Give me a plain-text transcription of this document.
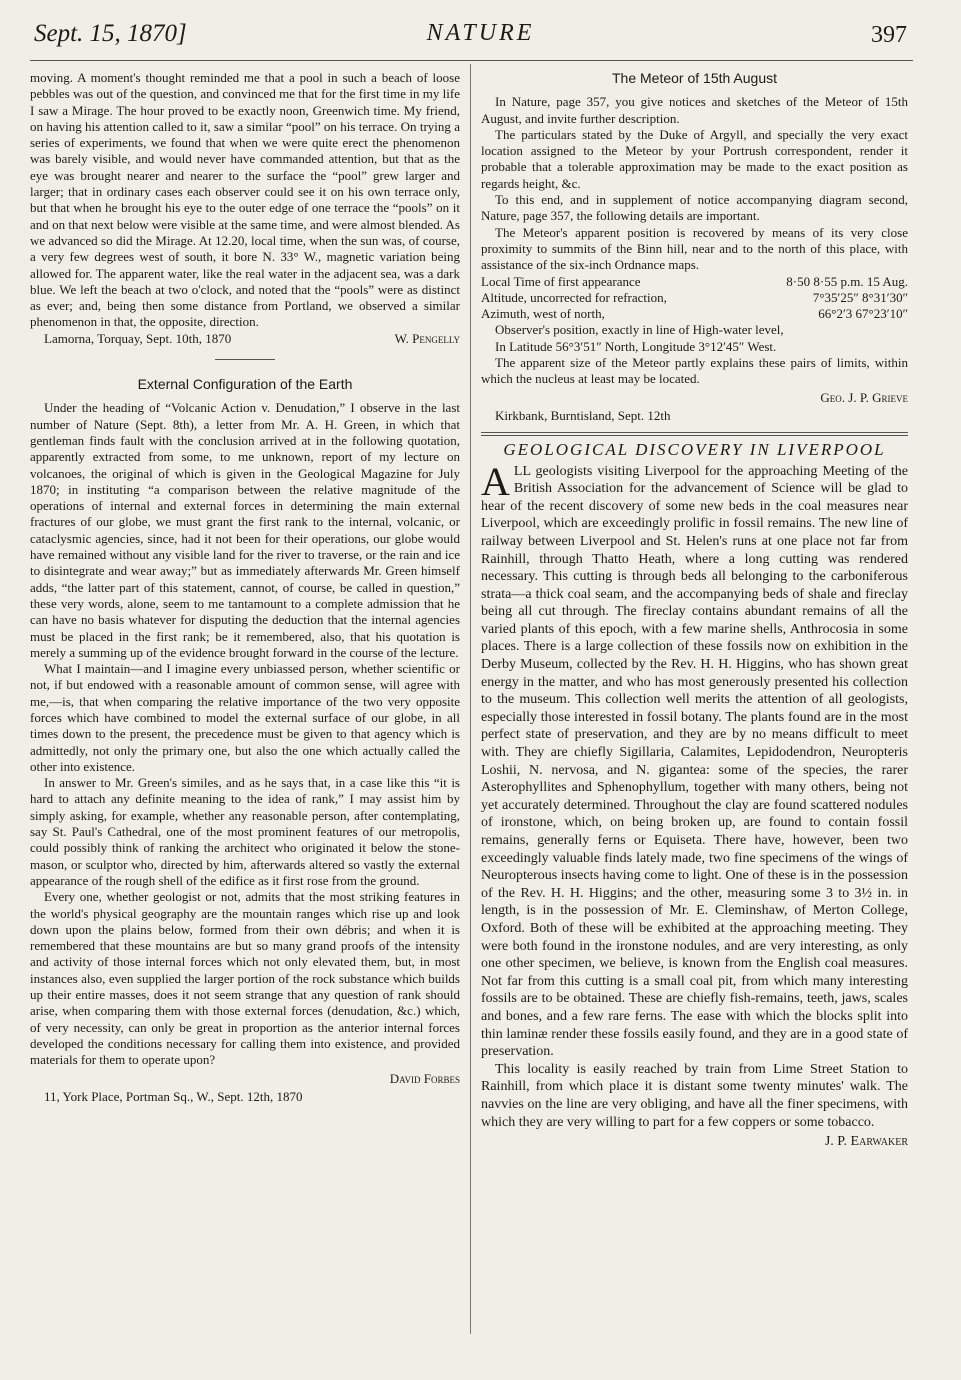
Sept. 15, 1870]	NATURE	397

moving. A moment's thought reminded me that a pool in such a beach of loose pebbles was out of the question, and convinced me that for the first time in my life I saw a Mirage. The hour proved to be exactly noon, Greenwich time. My friend, on having his attention called to it, saw a similar “pool” on his terrace. On trying a series of experiments, we found that when we were quite erect the phenomenon was barely visible, and would never have commanded attention, but that as the eye was brought nearer and nearer to the surface the “pool” grew larger and larger; that in ordinary cases each observer could see it on his own terrace only, but that when he brought his eye to the outer edge of one terrace the “pools” on it and on that next below were visible at the same time, and were almost blended. As we advanced so did the Mirage. At 12.20, local time, when the sun was, of course, a very few degrees west of south, it bore N. 33° W., magnetic variation being allowed for. The apparent water, like the real water in the adjacent sea, was a dark blue. We left the beach at two o'clock, and noted that the “pools” were as distinct as ever; and, being then some distance from Portland, we observed a similar phenomenon in that, the opposite, direction.

Lamorna, Torquay, Sept. 10th, 1870	W. Pengelly
External Configuration of the Earth

Under the heading of “Volcanic Action v. Denudation,” I observe in the last number of Nature (Sept. 8th), a letter from Mr. A. H. Green, in which that gentleman finds fault with the conclusion arrived at in the following quotation, apparently extracted from some, to me unknown, report of my lecture on volcanoes, the original of which is given in the Geological Magazine for July 1870; in instituting “a comparison between the relative magnitude of the operations of internal and external forces in determining the main external fractures of our globe, we must grant the first rank to the internal, volcanic, or cataclysmic agencies, since, had it not been for their operations, our globe would have remained without any visible land for the river to traverse, or the rain and ice to disintegrate and wear away;” but as immediately afterwards Mr. Green himself adds, “the latter part of this statement, cannot, of course, be called in question,” these very words, alone, seem to me tantamount to a complete admission that he can have no basis whatever for disputing the deduction that the internal agencies must be placed in the first rank; be it remembered, also, that his quotation is merely a summing up of the evidence brought forward in the course of the lecture.

What I maintain—and I imagine every unbiassed person, whether scientific or not, if but endowed with a reasonable amount of common sense, will agree with me,—is, that when comparing the relative importance of the two very opposite forces which have combined to model the external surface of our globe, in all times down to the present, the precedence must be given to that agency which is admittedly, not only the primary one, but also the one which actually called the other into existence.

In answer to Mr. Green's similes, and as he says that, in a case like this “it is hard to attach any definite meaning to the idea of rank,” I may assist him by simply asking, for example, whether any reasonable person, after contemplating, say St. Paul's Cathedral, one of the most prominent features of our metropolis, could possibly think of ranking the architect who originated it below the stone-mason, or sculptor who, directed by him, afterwards altered so vastly the external appearance of the rough shell of the edifice as it first rose from the ground.

Every one, whether geologist or not, admits that the most striking features in the world's physical geography are the mountain ranges which rise up and look down upon the plains below, formed from their own débris; and when it is remembered that these mountains are but so many grand proofs of the intensity and activity of those internal forces which not only elevated them, but, in most instances also, even supplied the larger portion of the rock substance which builds up their entire masses, does it not seem strange that any question of rank should arise, when comparing them with those external forces (denudation, &c.) which, of very necessity, can only be great in proportion as the anterior internal forces developed the conditions necessary for calling them into existence, and provided materials for them to operate upon?

David Forbes
11, York Place, Portman Sq., W., Sept. 12th, 1870
The Meteor of 15th August

In Nature, page 357, you give notices and sketches of the Meteor of 15th August, and invite further description.

The particulars stated by the Duke of Argyll, and specially the very exact location assigned to the Meteor by your Portrush correspondent, render it probable that a tolerable approximation may be made to the exact position as regards height, &c.

To this end, and in supplement of notice accompanying diagram second, Nature, page 357, the following details are important.

The Meteor's apparent position is recovered by means of its very close proximity to summits of the Binn hill, near and to the north of this place, with assistance of the six-inch Ordnance maps.

Local Time of first appearance	8·50 8·55 p.m. 15 Aug.
Altitude, uncorrected for refraction,	7°35′25″ 8°31′30″
Azimuth, west of north,	66°2′3 67°23′10″

Observer's position, exactly in line of High-water level,

In Latitude 56°3′51″ North, Longitude 3°12′45″ West.

The apparent size of the Meteor partly explains these pairs of limits, within which the nucleus at least may be located.

Geo. J. P. Grieve
Kirkbank, Burntisland, Sept. 12th
GEOLOGICAL DISCOVERY IN LIVERPOOL

ALL geologists visiting Liverpool for the approaching Meeting of the British Association for the advancement of Science will be glad to hear of the recent discovery of some new beds in the coal measures near Liverpool, which are exceedingly prolific in fossil remains. The new line of railway between Liverpool and St. Helen's runs at one place not far from Rainhill, through Thatto Heath, where a long cutting was rendered necessary. This cutting is through beds all belonging to the carboniferous strata—a thick coal seam, and the accompanying beds of shale and fireclay being all cut through. The fireclay contains abundant remains of all the varied plants of this epoch, with a few marine shells, Anthrocosia in some places. There is a large collection of these fossils now on exhibition in the Derby Museum, collected by the Rev. H. H. Higgins, who has shown great energy in the matter, and who has most generously presented his collection to the museum. This collection well merits the attention of all geologists, especially those interested in fossil botany. The plants found are in the most perfect state of preservation, and they are by no means difficult to meet with. They are chiefly Sigillaria, Calamites, Lepidodendron, Neuropteris Loshii, N. nervosa, and N. gigantea: some of the species, the rarer Asterophyllites and Sphenophyllum, together with many others, being not yet accurately determined. Throughout the clay are found scattered nodules of ironstone, which, on being broken up, are found to contain fossil remains, generally ferns or Equiseta. There have, however, been two exceedingly valuable finds lately made, two fine specimens of the wings of Neuropterous insects having come to light. One of these is in the possession of the Rev. H. H. Higgins; and the other, measuring some 3 to 3½ in. in length, is in the possession of Mr. E. Cleminshaw, of Merton College, Oxford. Both of these will be exhibited at the approaching meeting. They were both found in the ironstone nodules, and are very interesting, as only one other specimen, we believe, is known from the English coal measures. Not far from this cutting is a small coal pit, from which many interesting fossils are to be obtained. These are chiefly fish-remains, teeth, jaws, scales and bones, and a few rare ferns. The ease with which the blocks split into thin laminæ render these fossils easily found, and they are in a good state of preservation.

This locality is easily reached by train from Lime Street Station to Rainhill, from which place it is distant some twenty minutes' walk. The navvies on the line are very obliging, and have all the finer specimens, with which they are very willing to part for a few coppers or some tobacco.

J. P. Earwaker
